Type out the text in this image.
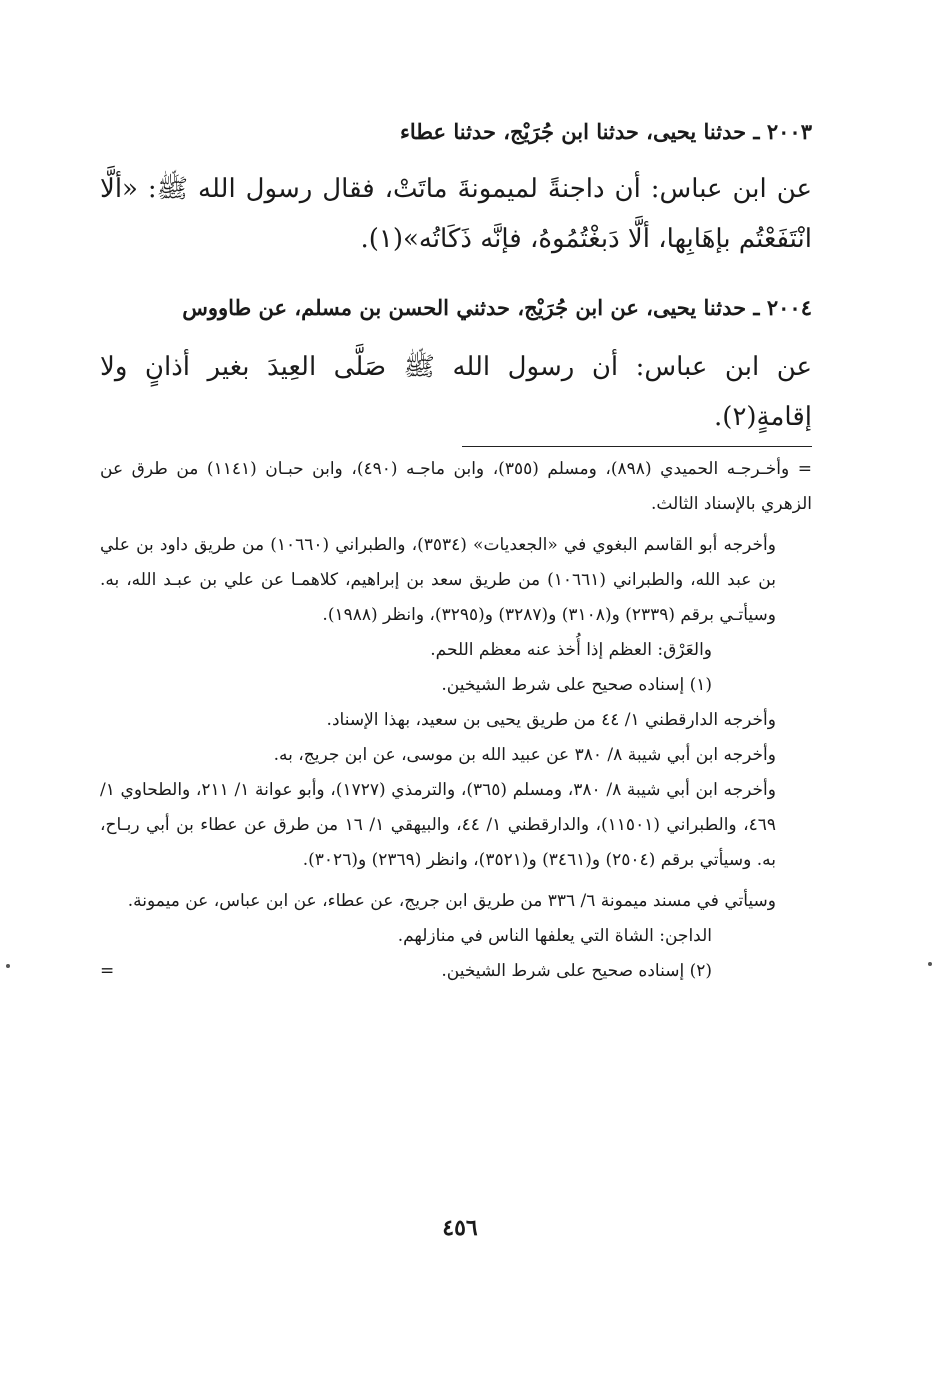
٢٠٠٣ ـ حدثنا يحيى، حدثنا ابن جُرَيْج، حدثنا عطاء

عن ابن عباس: أن داجنةً لميمونةَ ماتَتْ، فقال رسول الله ﷺ: «ألَّا انْتَفَعْتُم بإهَابِها، ألَّا دَبغْتُمُوهُ، فإنَّه ذَكَاتُه»(١).

٢٠٠٤ ـ حدثنا يحيى، عن ابن جُرَيْج، حدثني الحسن بن مسلم، عن طاووس

عن ابن عباس: أن رسول الله ﷺ صَلَّى العِيدَ بغير أذانٍ ولا إقامةٍ(٢).

= وأخـرجـه الحميدي (٨٩٨)، ومسلم (٣٥٥)، وابن ماجـه (٤٩٠)، وابن حبـان (١١٤١) من طرق عن الزهري بالإسناد الثالث.

وأخرجه أبو القاسم البغوي في «الجعديات» (٣٥٣٤)، والطبراني (١٠٦٦٠) من طريق داود بن علي بن عبد الله، والطبراني (١٠٦٦١) من طريق سعد بن إبراهيم، كلاهمـا عن علي بن عبـد الله، به. وسيأتـي برقم (٢٣٣٩) و(٣١٠٨) و(٣٢٨٧) و(٣٢٩٥)، وانظر (١٩٨٨).

والعَرْق: العظم إذا أُخذ عنه معظم اللحم.

(١) إسناده صحيح على شرط الشيخين.

وأخرجه الدارقطني ١/ ٤٤ من طريق يحيى بن سعيد، بهذا الإسناد.

وأخرجه ابن أبي شيبة ٨/ ٣٨٠ عن عبيد الله بن موسى، عن ابن جريج، به.

وأخرجه ابن أبي شيبة ٨/ ٣٨٠، ومسلم (٣٦٥)، والترمذي (١٧٢٧)، وأبو عوانة ١/ ٢١١، والطحاوي ١/ ٤٦٩، والطبراني (١١٥٠١)، والدارقطني ١/ ٤٤، والبيهقي ١/ ١٦ من طرق عن عطاء بن أبي ربـاح، به. وسيأتي برقم (٢٥٠٤) و(٣٤٦١) و(٣٥٢١)، وانظر (٢٣٦٩) و(٣٠٢٦).

وسيأتي في مسند ميمونة ٦/ ٣٣٦ من طريق ابن جريج، عن عطاء، عن ابن عباس، عن ميمونة.

الداجن: الشاة التي يعلفها الناس في منازلهم.

(٢) إسناده صحيح على شرط الشيخين.

=
٤٥٦
